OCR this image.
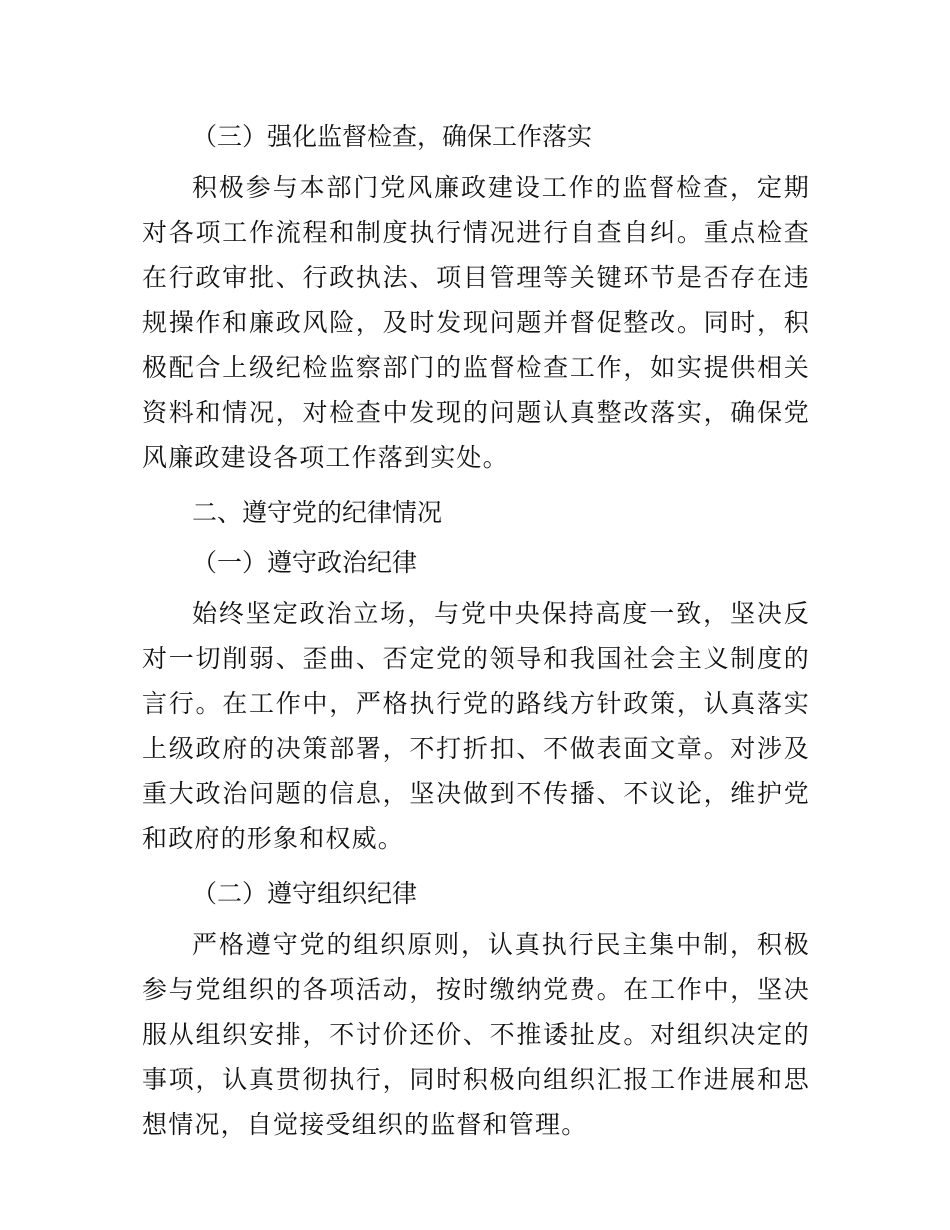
（三）强化监督检查，确保工作落实

积极参与本部门党风廉政建设工作的监督检查，定期对各项工作流程和制度执行情况进行自查自纠。重点检查在行政审批、行政执法、项目管理等关键环节是否存在违规操作和廉政风险，及时发现问题并督促整改。同时，积极配合上级纪检监察部门的监督检查工作，如实提供相关资料和情况，对检查中发现的问题认真整改落实，确保党风廉政建设各项工作落到实处。

二、遵守党的纪律情况

（一）遵守政治纪律

始终坚定政治立场，与党中央保持高度一致，坚决反对一切削弱、歪曲、否定党的领导和我国社会主义制度的言行。在工作中，严格执行党的路线方针政策，认真落实上级政府的决策部署，不打折扣、不做表面文章。对涉及重大政治问题的信息，坚决做到不传播、不议论，维护党和政府的形象和权威。

（二）遵守组织纪律

严格遵守党的组织原则，认真执行民主集中制，积极参与党组织的各项活动，按时缴纳党费。在工作中，坚决服从组织安排，不讨价还价、不推诿扯皮。对组织决定的事项，认真贯彻执行，同时积极向组织汇报工作进展和思想情况，自觉接受组织的监督和管理。
